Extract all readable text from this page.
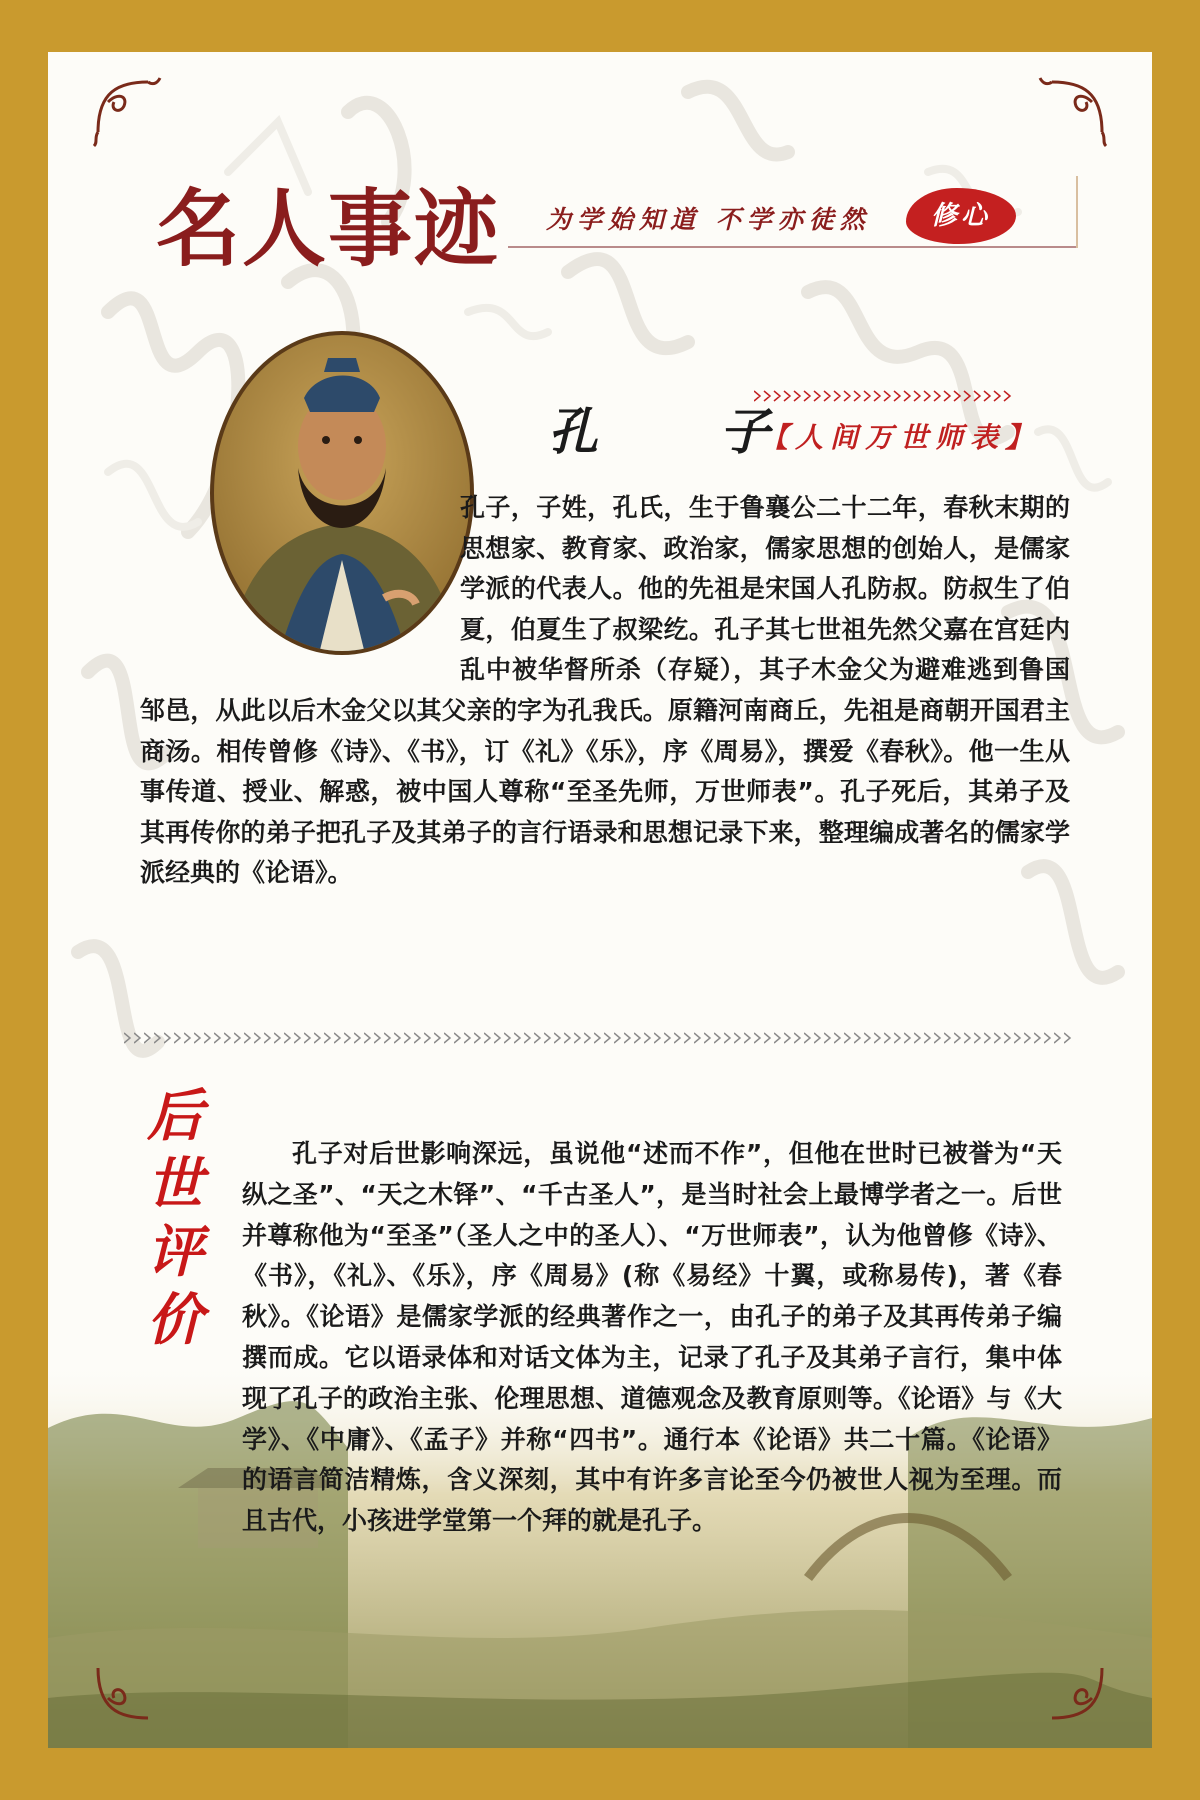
名人事迹 为学始知道 不学亦徒然	修心
孔 子
【人间万世师表】

孔子，子姓，孔氏，生于鲁襄公二十二年，春秋末期的思想家、教育家、政治家，儒家思想的创始人，是儒家学派的代表人。他的先祖是宋国人孔防叔。防叔生了伯夏，伯夏生了叔梁纥。孔子其七世祖先然父嘉在宫廷内乱中被华督所杀（存疑），其子木金父为避难逃到鲁国邹邑，从此以后木金父以其父亲的字为孔我氏。原籍河南商丘，先祖是商朝开国君主商汤。相传曾修《诗》、《书》，订《礼》《乐》，序《周易》，撰爱《春秋》。他一生从事传道、授业、解惑，被中国人尊称“至圣先师，万世师表”。孔子死后，其弟子及其再传你的弟子把孔子及其弟子的言行语录和思想记录下来，整理编成著名的儒家学派经典的《论语》。

后
世
评
价

孔子对后世影响深远，虽说他“述而不作”，但他在世时已被誉为“天纵之圣”、“天之木铎”、“千古圣人”，是当时社会上最博学者之一。后世并尊称他为“至圣”（圣人之中的圣人）、“万世师表”，认为他曾修《诗》、《书》，《礼》、《乐》，序《周易》(称《易经》十翼，或称易传)，著《春秋》。《论语》是儒家学派的经典著作之一，由孔子的弟子及其再传弟子编撰而成。它以语录体和对话文体为主，记录了孔子及其弟子言行，集中体现了孔子的政治主张、伦理思想、道德观念及教育原则等。《论语》与《大学》、《中庸》、《孟子》并称“四书”。通行本《论语》共二十篇。《论语》的语言简洁精炼，含义深刻，其中有许多言论至今仍被世人视为至理。而且古代，小孩进学堂第一个拜的就是孔子。
